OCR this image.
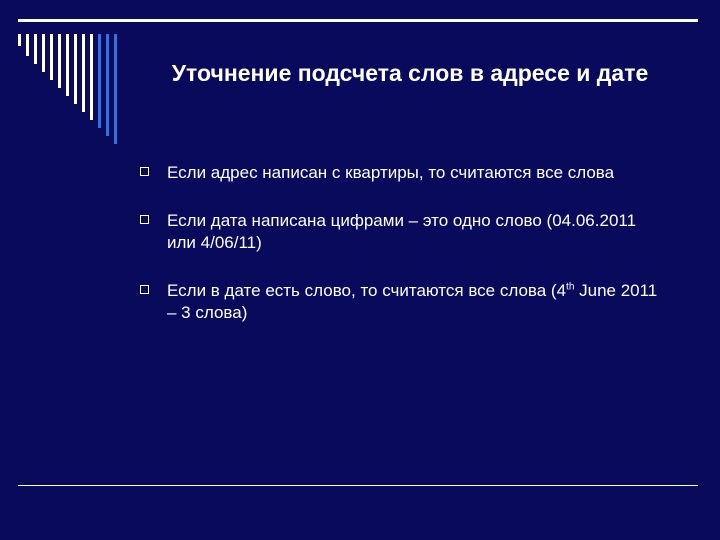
Уточнение подсчета слов в адресе и дате
Если адрес написан с квартиры, то считаются все слова
Если дата написана цифрами – это одно слово (04.06.2011 или 4/06/11)
Если в дате есть слово, то считаются все слова (4th June 2011 – 3 слова)
